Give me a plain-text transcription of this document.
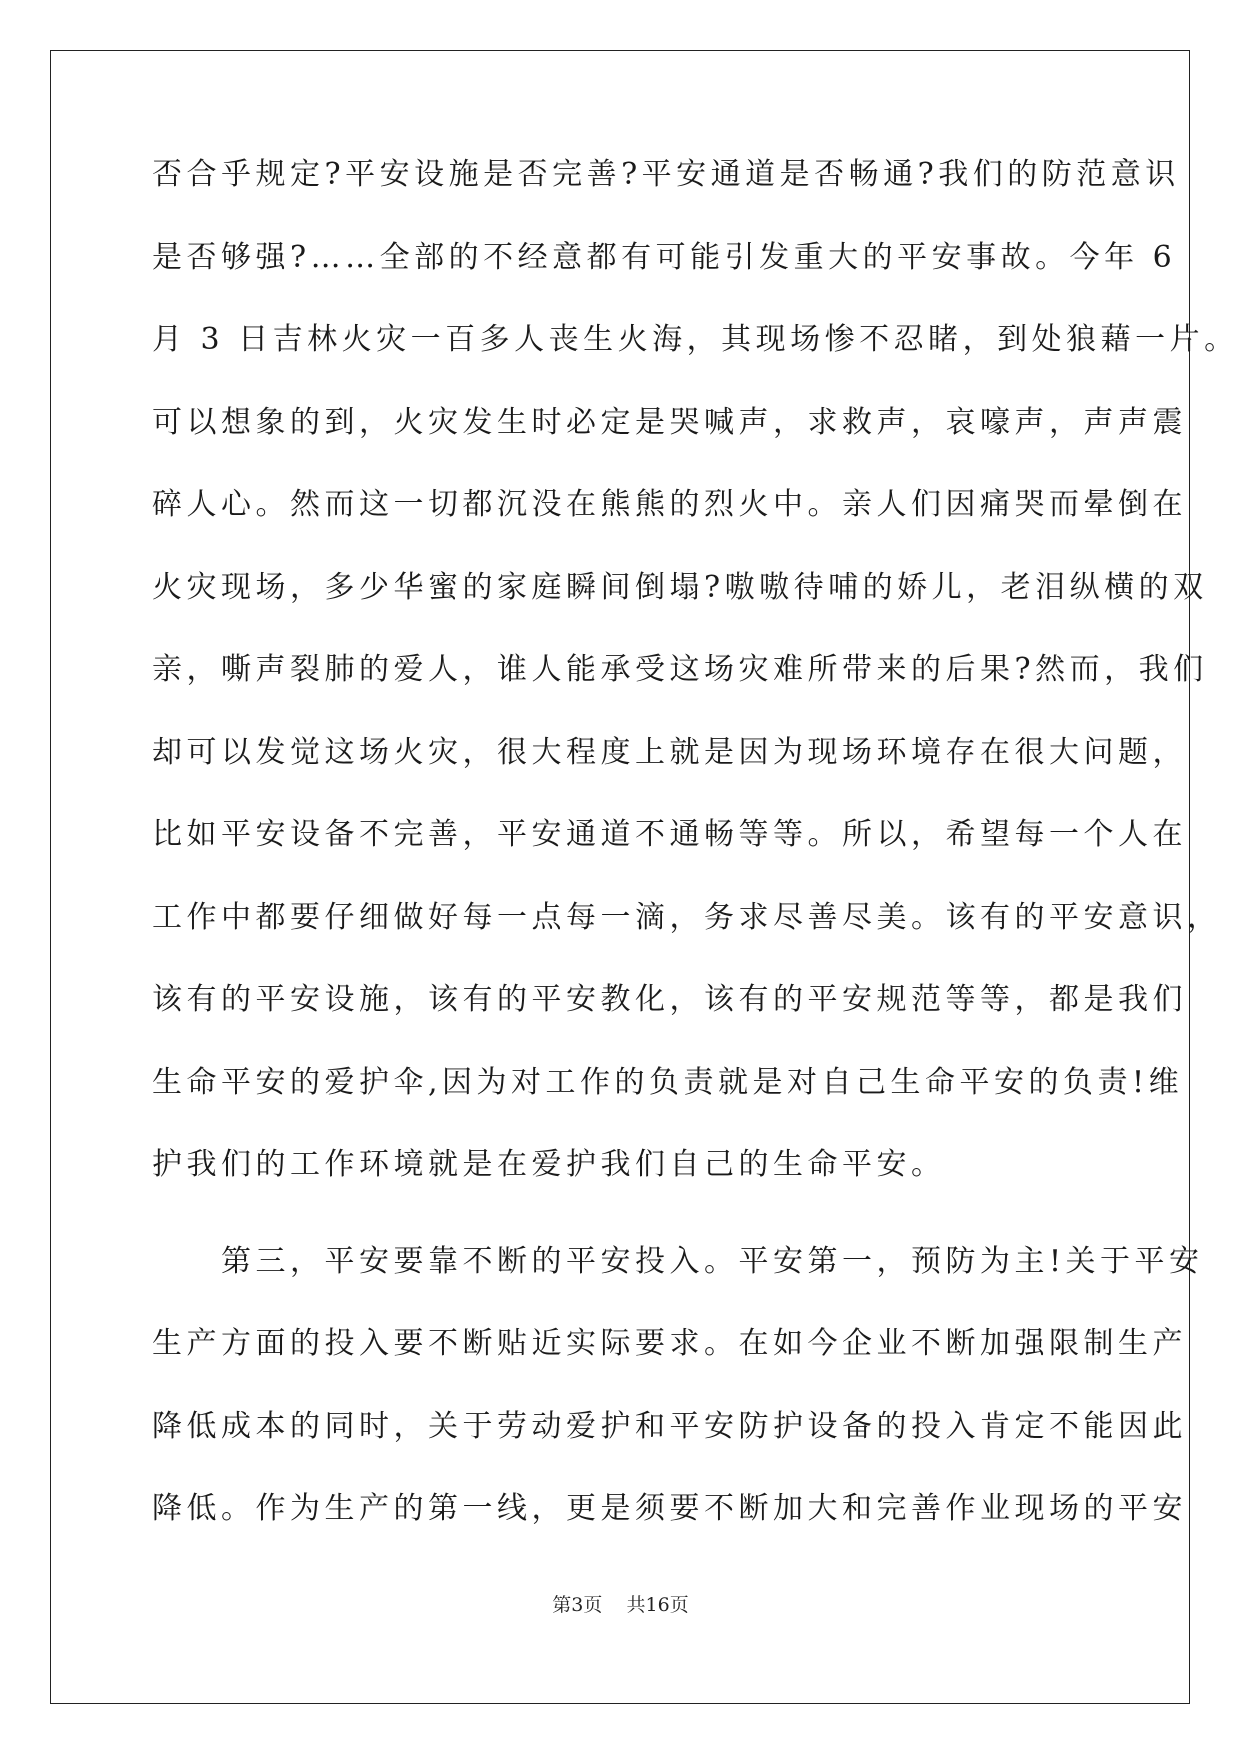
否合乎规定?平安设施是否完善?平安通道是否畅通?我们的防范意识
是否够强?……全部的不经意都有可能引发重大的平安事故。今年 6
月 3 日吉林火灾一百多人丧生火海，其现场惨不忍睹，到处狼藉一片。
可以想象的到，火灾发生时必定是哭喊声，求救声，哀嚎声，声声震
碎人心。然而这一切都沉没在熊熊的烈火中。亲人们因痛哭而晕倒在
火灾现场，多少华蜜的家庭瞬间倒塌?嗷嗷待哺的娇儿，老泪纵横的双
亲，嘶声裂肺的爱人，谁人能承受这场灾难所带来的后果?然而，我们
却可以发觉这场火灾，很大程度上就是因为现场环境存在很大问题，
比如平安设备不完善，平安通道不通畅等等。所以，希望每一个人在
工作中都要仔细做好每一点每一滴，务求尽善尽美。该有的平安意识，
该有的平安设施，该有的平安教化，该有的平安规范等等，都是我们
生命平安的爱护伞,因为对工作的负责就是对自己生命平安的负责!维
护我们的工作环境就是在爱护我们自己的生命平安。
　　第三，平安要靠不断的平安投入。平安第一，预防为主!关于平安
生产方面的投入要不断贴近实际要求。在如今企业不断加强限制生产
降低成本的同时，关于劳动爱护和平安防护设备的投入肯定不能因此
降低。作为生产的第一线，更是须要不断加大和完善作业现场的平安
第3页 共16页
